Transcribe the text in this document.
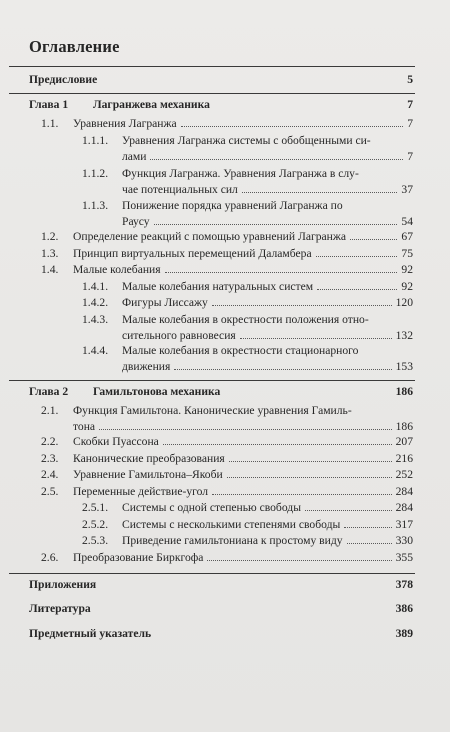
Оглавление
Предисловие	5
Глава 1 Лагранжева механика	7
1.1. Уравнения Лагранжа	7
1.1.1. Уравнения Лагранжа системы с обобщенными си-
лами	7
1.1.2. Функция Лагранжа. Уравнения Лагранжа в слу-
чае потенциальных сил	37
1.1.3. Понижение порядка уравнений Лагранжа по
Раусу	54
1.2. Определение реакций с помощью уравнений Лагранжа	67
1.3. Принцип виртуальных перемещений Даламбера	75
1.4. Малые колебания	92
1.4.1. Малые колебания натуральных систем	92
1.4.2. Фигуры Лиссажу	120
1.4.3. Малые колебания в окрестности положения отно-
сительного равновесия	132
1.4.4. Малые колебания в окрестности стационарного
движения	153
Глава 2 Гамильтонова механика	186
2.1. Функция Гамильтона. Канонические уравнения Гамиль-
тона	186
2.2. Скобки Пуассона	207
2.3. Канонические преобразования	216
2.4. Уравнение Гамильтона–Якоби	252
2.5. Переменные действие-угол	284
2.5.1. Системы с одной степенью свободы	284
2.5.2. Системы с несколькими степенями свободы	317
2.5.3. Приведение гамильтониана к простому виду	330
2.6. Преобразование Биркгофа	355
Приложения	378
Литература	386
Предметный указатель	389
